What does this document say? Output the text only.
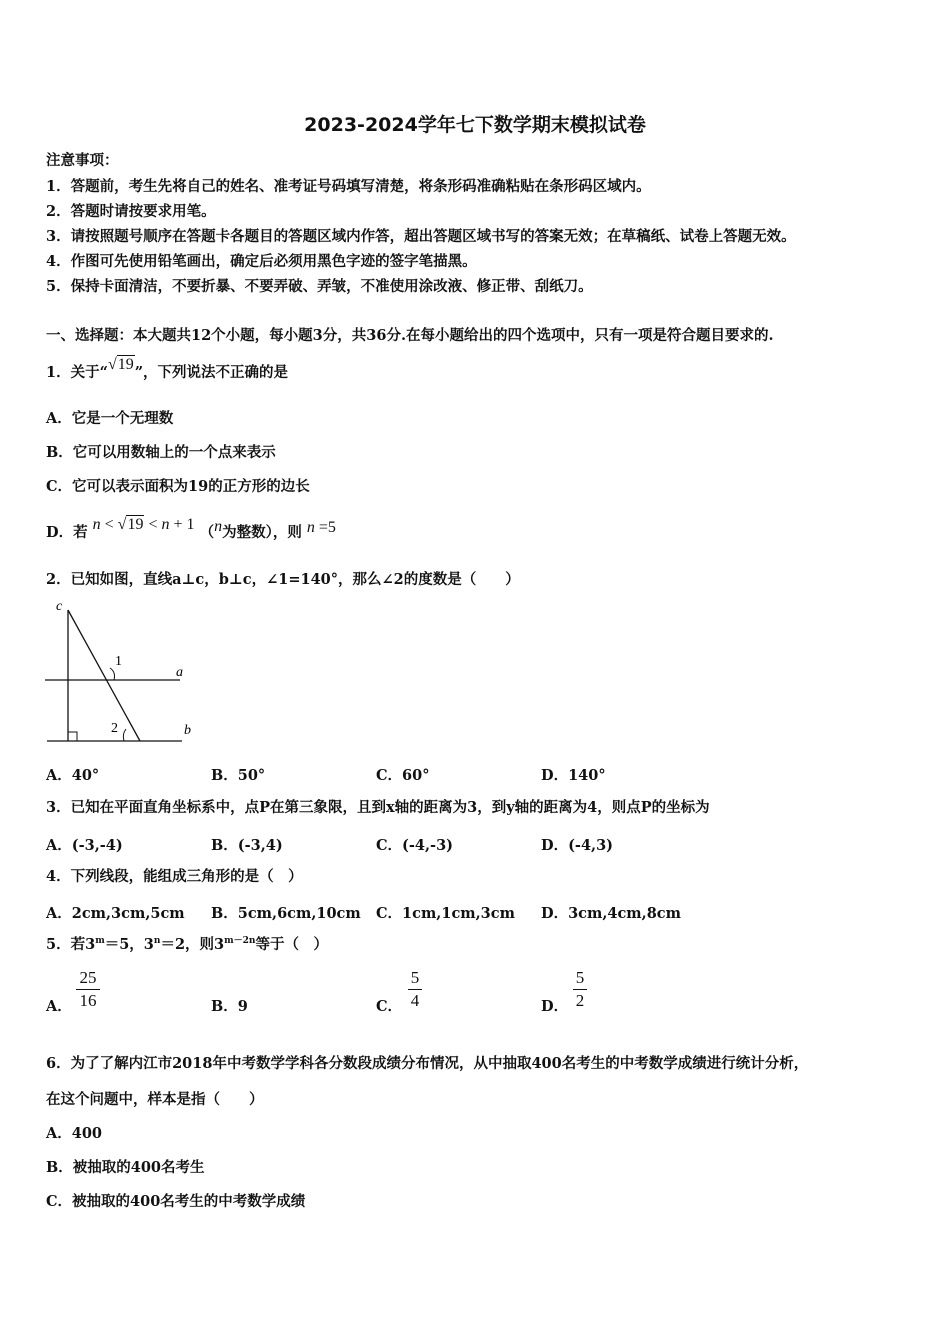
2023-2024学年七下数学期末模拟试卷
注意事项：
1．答题前，考生先将自己的姓名、准考证号码填写清楚，将条形码准确粘贴在条形码区域内。
2．答题时请按要求用笔。
3．请按照题号顺序在答题卡各题目的答题区域内作答，超出答题区域书写的答案无效；在草稿纸、试卷上答题无效。
4．作图可先使用铅笔画出，确定后必须用黑色字迹的签字笔描黑。
5．保持卡面清洁，不要折暴、不要弄破、弄皱，不准使用涂改液、修正带、刮纸刀。
一、选择题：本大题共12个小题，每小题3分，共36分.在每小题给出的四个选项中，只有一项是符合题目要求的.
1．关于“√19”，下列说法不正确的是
A．它是一个无理数
B．它可以用数轴上的一个点来表示
C．它可以表示面积为19的正方形的边长
D．若 n < √19 < n + 1 （n为整数），则 n =5
2．已知如图，直线a⊥c，b⊥c，∠1=140°，那么∠2的度数是（　　）
c
a
b
1
2
A．40°	B．50°	C．60°	D．140°
3．已知在平面直角坐标系中，点P在第三象限，且到x轴的距离为3，到y轴的距离为4，则点P的坐标为
A．(-3,-4)	B．(-3,4)	C．(-4,-3)	D．(-4,3)
4．下列线段，能组成三角形的是（　）
A．2cm,3cm,5cm B．5cm,6cm,10cm C．1cm,1cm,3cm D．3cm,4cm,8cm
5．若$3^m=5$，$3^n=2$，则$3^{m-2n}$等于（　）
A．
25
16	B．9	C．
5
4	D．
5
2
6．为了了解内江市2018年中考数学学科各分数段成绩分布情况，从中抽取400名考生的中考数学成绩进行统计分析，
在这个问题中，样本是指（　　）
A．400
B．被抽取的400名考生
C．被抽取的400名考生的中考数学成绩
